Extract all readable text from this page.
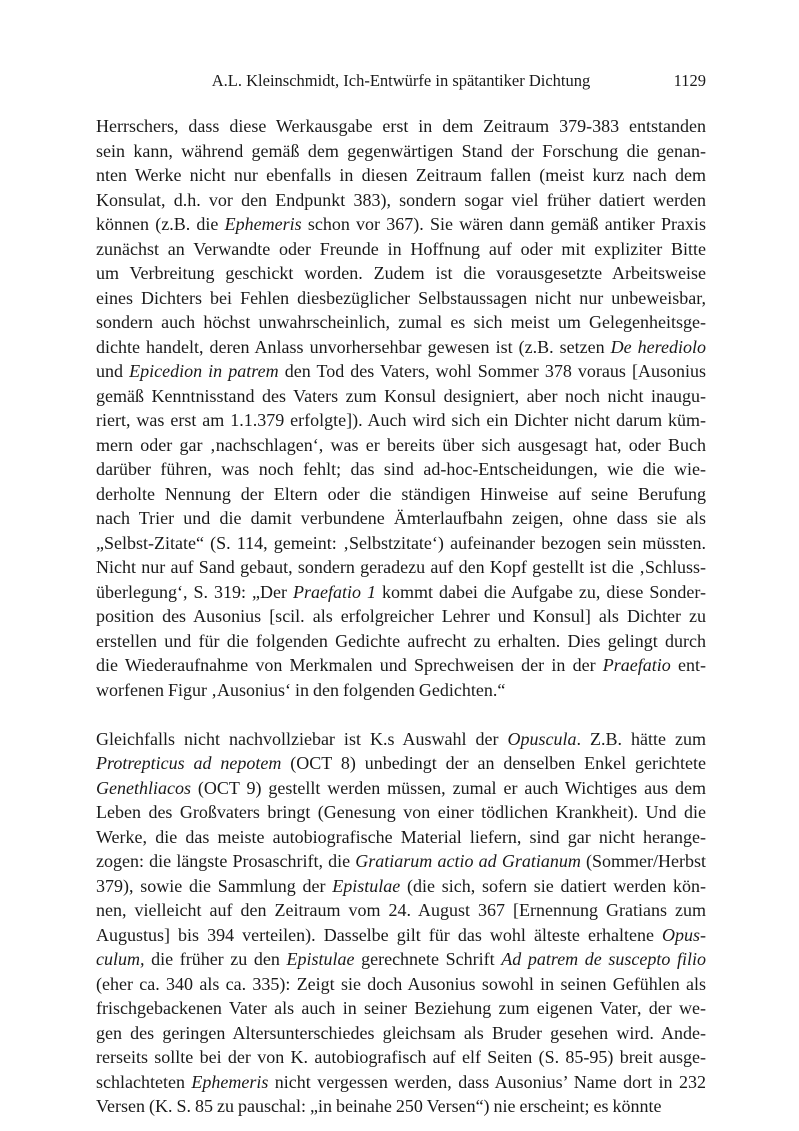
A.L. Kleinschmidt, Ich-Entwürfe in spätantiker Dichtung	1129
Herrschers, dass diese Werkausgabe erst in dem Zeitraum 379-383 entstanden
sein kann, während gemäß dem gegenwärtigen Stand der Forschung die genan-
nten Werke nicht nur ebenfalls in diesen Zeitraum fallen (meist kurz nach dem
Konsulat, d.h. vor den Endpunkt 383), sondern sogar viel früher datiert werden
können (z.B. die Ephemeris schon vor 367). Sie wären dann gemäß antiker Praxis
zunächst an Verwandte oder Freunde in Hoffnung auf oder mit expliziter Bitte
um Verbreitung geschickt worden. Zudem ist die vorausgesetzte Arbeitsweise
eines Dichters bei Fehlen diesbezüglicher Selbstaussagen nicht nur unbeweisbar,
sondern auch höchst unwahrscheinlich, zumal es sich meist um Gelegenheitsge-
dichte handelt, deren Anlass unvorhersehbar gewesen ist (z.B. setzen De herediolo
und Epicedion in patrem den Tod des Vaters, wohl Sommer 378 voraus [Ausonius
gemäß Kenntnisstand des Vaters zum Konsul designiert, aber noch nicht inaugu-
riert, was erst am 1.1.379 erfolgte]). Auch wird sich ein Dichter nicht darum küm-
mern oder gar ‚nachschlagen‘, was er bereits über sich ausgesagt hat, oder Buch
darüber führen, was noch fehlt; das sind ad-hoc-Entscheidungen, wie die wie-
derholte Nennung der Eltern oder die ständigen Hinweise auf seine Berufung
nach Trier und die damit verbundene Ämterlaufbahn zeigen, ohne dass sie als
„Selbst-Zitate“ (S. 114, gemeint: ‚Selbstzitate‘) aufeinander bezogen sein müssten.
Nicht nur auf Sand gebaut, sondern geradezu auf den Kopf gestellt ist die ‚Schluss-
überlegung‘, S. 319: „Der Praefatio 1 kommt dabei die Aufgabe zu, diese Sonder-
position des Ausonius [scil. als erfolgreicher Lehrer und Konsul] als Dichter zu
erstellen und für die folgenden Gedichte aufrecht zu erhalten. Dies gelingt durch
die Wiederaufnahme von Merkmalen und Sprechweisen der in der Praefatio ent-
worfenen Figur ‚Ausonius‘ in den folgenden Gedichten.“
Gleichfalls nicht nachvollziebar ist K.s Auswahl der Opuscula. Z.B. hätte zum
Protrepticus ad nepotem (OCT 8) unbedingt der an denselben Enkel gerichtete
Genethliacos (OCT 9) gestellt werden müssen, zumal er auch Wichtiges aus dem
Leben des Großvaters bringt (Genesung von einer tödlichen Krankheit). Und die
Werke, die das meiste autobiografische Material liefern, sind gar nicht herange-
zogen: die längste Prosaschrift, die Gratiarum actio ad Gratianum (Sommer/Herbst
379), sowie die Sammlung der Epistulae (die sich, sofern sie datiert werden kön-
nen, vielleicht auf den Zeitraum vom 24. August 367 [Ernennung Gratians zum
Augustus] bis 394 verteilen). Dasselbe gilt für das wohl älteste erhaltene Opus-
culum, die früher zu den Epistulae gerechnete Schrift Ad patrem de suscepto filio
(eher ca. 340 als ca. 335): Zeigt sie doch Ausonius sowohl in seinen Gefühlen als
frischgebackenen Vater als auch in seiner Beziehung zum eigenen Vater, der we-
gen des geringen Altersunterschiedes gleichsam als Bruder gesehen wird. Ande-
rerseits sollte bei der von K. autobiografisch auf elf Seiten (S. 85-95) breit ausge-
schlachteten Ephemeris nicht vergessen werden, dass Ausonius’ Name dort in 232
Versen (K. S. 85 zu pauschal: „in beinahe 250 Versen“) nie erscheint; es könnte
